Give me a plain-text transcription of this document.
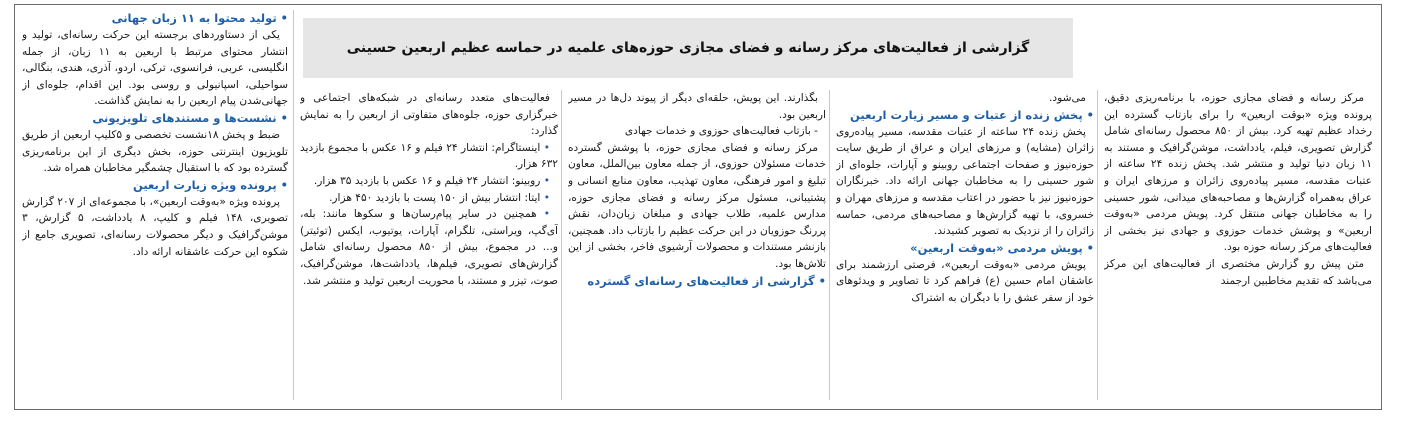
گزارشی از فعالیت‌های مرکز رسانه و فضای مجازی حوزه‌های علمیه در حماسه عظیم اربعین حسینی

مرکز رسانه و فضای مجازی حوزه، با برنامه‌ریزی دقیق، پرونده ویژه «بوقت اربعین» را برای بازتاب گسترده این رخداد عظیم تهیه کرد. بیش از ۸۵۰ محصول رسانه‌ای شامل گزارش تصویری، فیلم، یادداشت، موشن‌گرافیک و مستند به ۱۱ زبان دنیا تولید و منتشر شد. پخش زنده ۲۴ ساعته از عتبات مقدسه، مسیر پیاده‌روی زائران و مرزهای ایران و عراق به‌همراه گزارش‌ها و مصاحبه‌های میدانی، شور حسینی را به مخاطبان جهانی منتقل کرد. پویش مردمی «به‌وقت اربعین» و پوشش خدمات حوزوی و جهادی نیز بخشی از فعالیت‌های مرکز رسانه حوزه بود.

متن پیش رو گزارش مختصری از فعالیت‌های این مرکز می‌باشد که تقدیم مخاطبین ارجمند

می‌شود.

• پخش زنده از عتبات و مسیر زیارت اربعین

پخش زنده ۲۴ ساعته از عتبات مقدسه، مسیر پیاده‌روی زائران (مشایه) و مرزهای ایران و عراق از طریق سایت حوزه‌نیوز و صفحات اجتماعی روبینو و آپارات، جلوه‌ای از شور حسینی را به مخاطبان جهانی ارائه داد. خبرنگاران حوزه‌نیوز نیز با حضور در اعتاب مقدسه و مرزهای مهران و خسروی، با تهیه گزارش‌ها و مصاحبه‌های مردمی، حماسه زائران را از نزدیک به تصویر کشیدند.

• پویش مردمی «به‌وقت اربعین»

پویش مردمی «به‌وقت اربعین»، فرصتی ارزشمند برای عاشقان امام حسین (ع) فراهم کرد تا تصاویر و ویدئوهای خود از سفر عشق را با دیگران به اشتراک

بگذارند. این پویش، حلقه‌ای دیگر از پیوند دل‌ها در مسیر اربعین بود.

- بازتاب فعالیت‌های حوزوی و خدمات جهادی

مرکز رسانه و فضای مجازی حوزه، با پوشش گسترده خدمات مسئولان حوزوی، از جمله معاون بین‌الملل، معاون تبلیغ و امور فرهنگی، معاون تهذیب، معاون منابع انسانی و پشتیبانی، مسئول مرکز رسانه و فضای مجازی حوزه، مدارس علمیه، طلاب جهادی و مبلغان زبان‌دان، نقش پررنگ حوزویان در این حرکت عظیم را بازتاب داد. همچنین، بازنشر مستندات و محصولات آرشیوی فاخر، بخشی از این تلاش‌ها بود.

• گزارشی از فعالیت‌های رسانه‌ای گسترده

فعالیت‌های متعدد رسانه‌ای در شبکه‌های اجتماعی و خبرگزاری حوزه، جلوه‌های متفاوتی از اربعین را به نمایش گذارد:

• اینستاگرام: انتشار ۲۴ فیلم و ۱۶ عکس با مجموع بازدید ۶۳۲ هزار.

• روبینو: انتشار ۲۴ فیلم و ۱۶ عکس با بازدید ۳۵ هزار.

• ایتا: انتشار بیش از ۱۵۰ پست با بازدید ۴۵۰ هزار.

• همچنین در سایر پیام‌رسان‌ها و سکوها مانند: بله، آی‌گپ، ویراستی، تلگرام، آپارات، یوتیوب، ایکس (توئیتر) و... در مجموع، بیش از ۸۵۰ محصول رسانه‌ای شامل گزارش‌های تصویری، فیلم‌ها، یادداشت‌ها، موشن‌گرافیک، صوت، تیزر و مستند، با محوریت اربعین تولید و منتشر شد.

• تولید محتوا به ۱۱ زبان جهانی

یکی از دستاوردهای برجسته این حرکت رسانه‌ای، تولید و انتشار محتوای مرتبط با اربعین به ۱۱ زبان، از جمله انگلیسی، عربی، فرانسوی، ترکی، اردو، آذری، هندی، بنگالی، سواحیلی، اسپانیولی و روسی بود. این اقدام، جلوه‌ای از جهانی‌شدن پیام اربعین را به نمایش گذاشت.

• نشست‌ها و مستندهای تلویزیونی

ضبط و پخش ۱۸نشست تخصصی و ۵کلیپ اربعین از طریق تلویزیون اینترنتی حوزه، بخش دیگری از این برنامه‌ریزی گسترده بود که با استقبال چشمگیر مخاطبان همراه شد.

• پرونده ویژه زیارت اربعین

پرونده ویژه «به‌وقت اربعین»، با مجموعه‌ای از ۲۰۷ گزارش تصویری، ۱۴۸ فیلم و کلیپ، ۸ یادداشت، ۵ گزارش، ۳ موشن‌گرافیک و دیگر محصولات رسانه‌ای، تصویری جامع از شکوه این حرکت عاشقانه ارائه داد.
